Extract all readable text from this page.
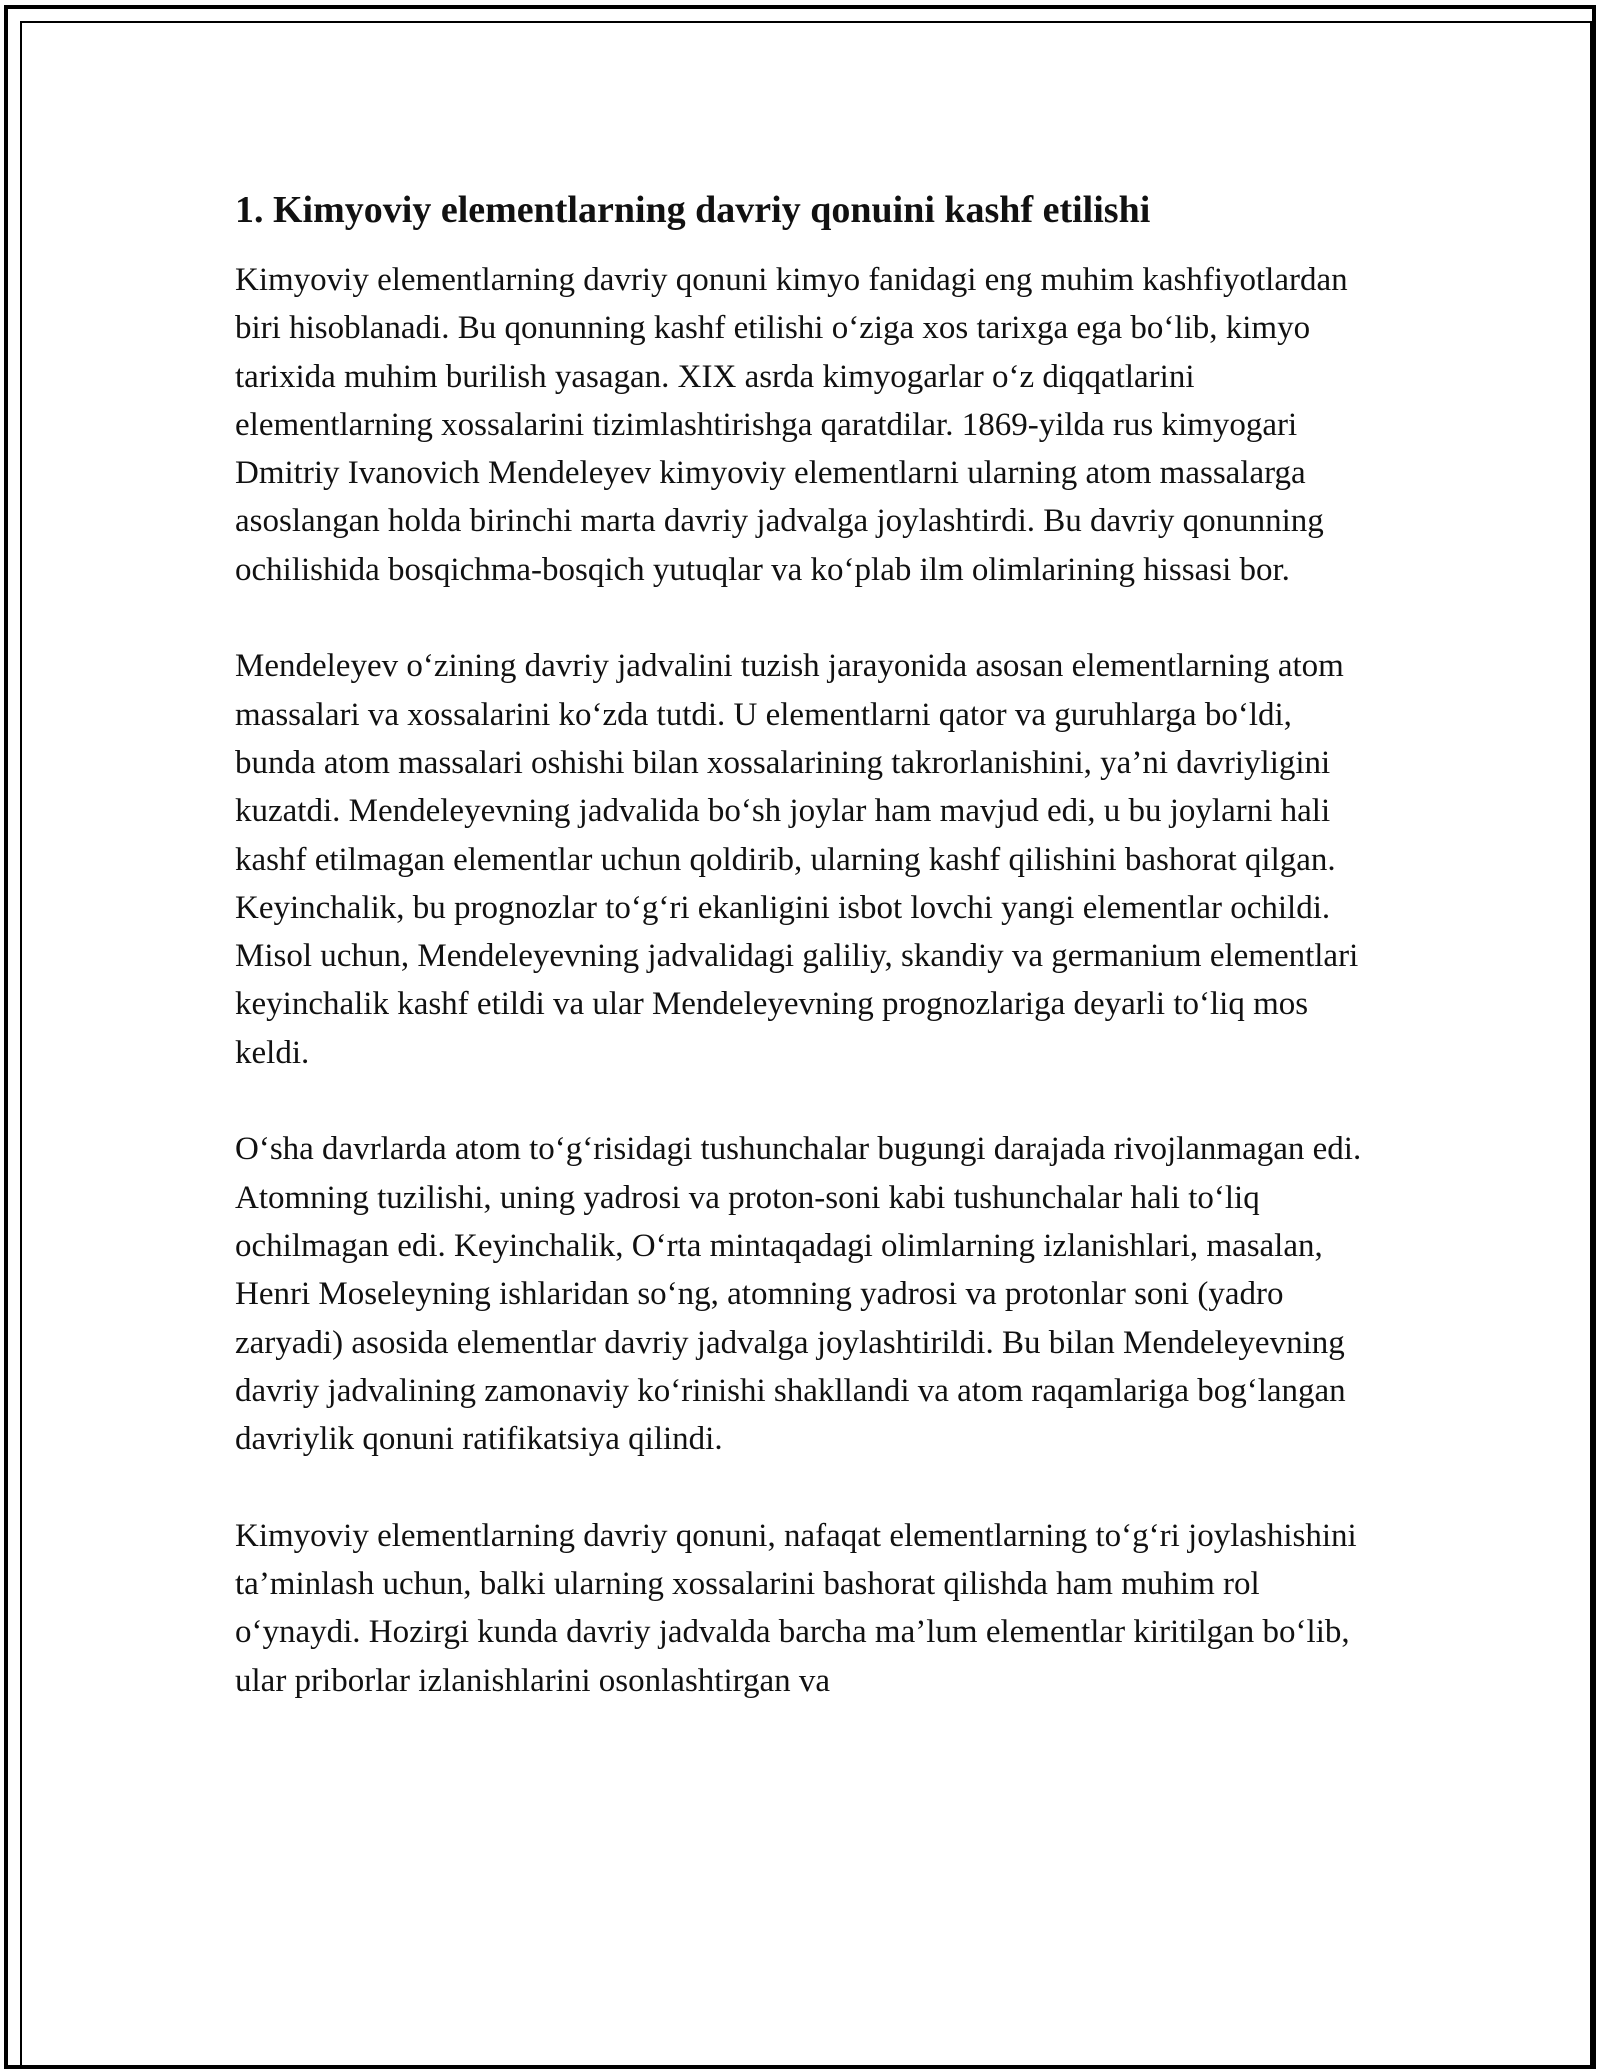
1. Kimyoviy elementlarning davriy qonuini kashf etilishi

Kimyoviy elementlarning davriy qonuni kimyo fanidagi eng muhim kashfiyotlardan biri hisoblanadi. Bu qonunning kashf etilishi o‘ziga xos tarixga ega bo‘lib, kimyo tarixida muhim burilish yasagan. XIX asrda kimyogarlar o‘z diqqatlarini elementlarning xossalarini tizimlashtirishga qaratdilar. 1869-yilda rus kimyogari Dmitriy Ivanovich Mendeleyev kimyoviy elementlarni ularning atom massalarga asoslangan holda birinchi marta davriy jadvalga joylashtirdi. Bu davriy qonunning ochilishida bosqichma-bosqich yutuqlar va ko‘plab ilm olimlarining hissasi bor.

Mendeleyev o‘zining davriy jadvalini tuzish jarayonida asosan elementlarning atom massalari va xossalarini ko‘zda tutdi. U elementlarni qator va guruhlarga bo‘ldi, bunda atom massalari oshishi bilan xossalarining takrorlanishini, ya’ni davriyligini kuzatdi. Mendeleyevning jadvalida bo‘sh joylar ham mavjud edi, u bu joylarni hali kashf etilmagan elementlar uchun qoldirib, ularning kashf qilishini bashorat qilgan. Keyinchalik, bu prognozlar to‘g‘ri ekanligini isbot lovchi yangi elementlar ochildi. Misol uchun, Mendeleyevning jadvalidagi galiliy, skandiy va germanium elementlari keyinchalik kashf etildi va ular Mendeleyevning prognozlariga deyarli to‘liq mos keldi.

O‘sha davrlarda atom to‘g‘risidagi tushunchalar bugungi darajada rivojlanmagan edi. Atomning tuzilishi, uning yadrosi va proton-soni kabi tushunchalar hali to‘liq ochilmagan edi. Keyinchalik, O‘rta mintaqadagi olimlarning izlanishlari, masalan, Henri Moseleyning ishlaridan so‘ng, atomning yadrosi va protonlar soni (yadro zaryadi) asosida elementlar davriy jadvalga joylashtirildi. Bu bilan Mendeleyevning davriy jadvalining zamonaviy ko‘rinishi shakllandi va atom raqamlariga bog‘langan davriylik qonuni ratifikatsiya qilindi.

Kimyoviy elementlarning davriy qonuni, nafaqat elementlarning to‘g‘ri joylashishini ta’minlash uchun, balki ularning xossalarini bashorat qilishda ham muhim rol o‘ynaydi. Hozirgi kunda davriy jadvalda barcha ma’lum elementlar kiritilgan bo‘lib, ular priborlar izlanishlarini osonlashtirgan va
